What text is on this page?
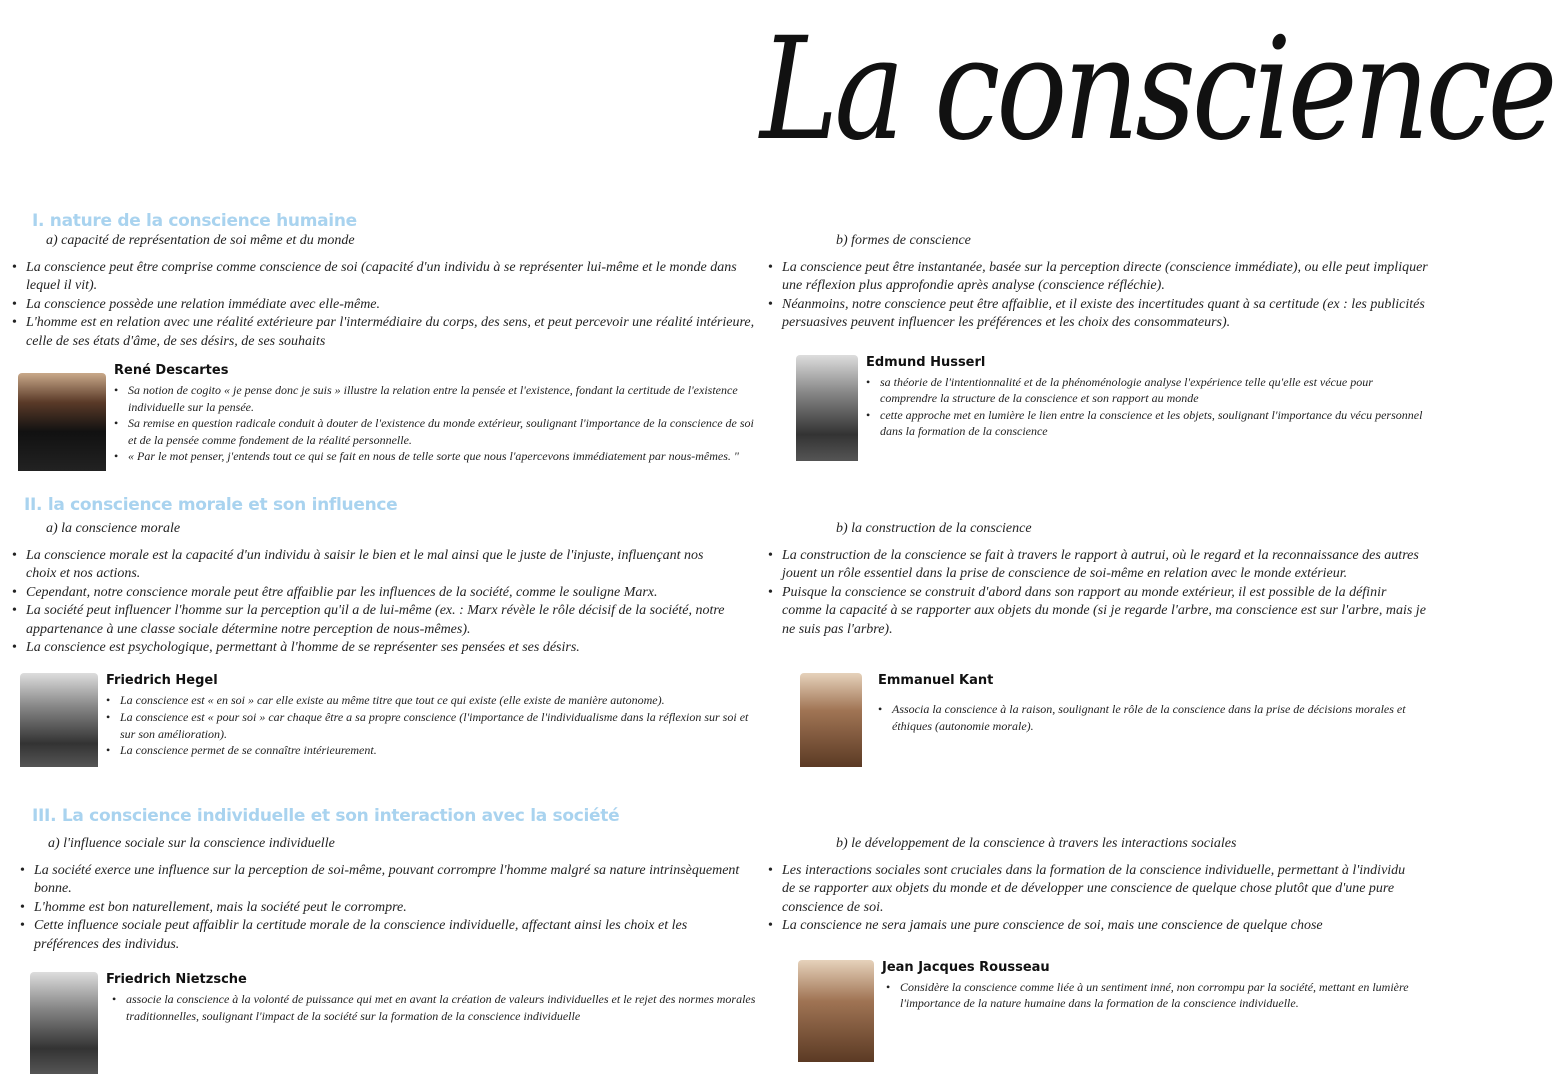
La conscience
I. nature de la conscience humaine
a) capacité de représentation de soi même et du monde
• La conscience peut être comprise comme conscience de soi (capacité d'un individu à se représenter lui-même et le monde dans lequel il vit).
• La conscience possède une relation immédiate avec elle-même.
• L'homme est en relation avec une réalité extérieure par l'intermédiaire du corps, des sens, et peut percevoir une réalité intérieure, celle de ses états d'âme, de ses désirs, de ses souhaits
René Descartes
• Sa notion de cogito « je pense donc je suis » illustre la relation entre la pensée et l'existence, fondant la certitude de l'existence individuelle sur la pensée.
• Sa remise en question radicale conduit à douter de l'existence du monde extérieur, soulignant l'importance de la conscience de soi et de la pensée comme fondement de la réalité personnelle.
• « Par le mot penser, j'entends tout ce qui se fait en nous de telle sorte que nous l'apercevons immédiatement par nous-mêmes. "
b) formes de conscience
• La conscience peut être instantanée, basée sur la perception directe (conscience immédiate), ou elle peut impliquer une réflexion plus approfondie après analyse (conscience réfléchie).
• Néanmoins, notre conscience peut être affaiblie, et il existe des incertitudes quant à sa certitude (ex : les publicités persuasives peuvent influencer les préférences et les choix des consommateurs).
Edmund Husserl
• sa théorie de l'intentionnalité et de la phénoménologie analyse l'expérience telle qu'elle est vécue pour comprendre la structure de la conscience et son rapport au monde
• cette approche met en lumière le lien entre la conscience et les objets, soulignant l'importance du vécu personnel dans la formation de la conscience
II. la conscience morale et son influence
a) la conscience morale
• La conscience morale est la capacité d'un individu à saisir le bien et le mal ainsi que le juste de l'injuste, influençant nos choix et nos actions.
• Cependant, notre conscience morale peut être affaiblie par les influences de la société, comme le souligne Marx.
• La société peut influencer l'homme sur la perception qu'il a de lui-même (ex. : Marx révèle le rôle décisif de la société, notre appartenance à une classe sociale détermine notre perception de nous-mêmes).
• La conscience est psychologique, permettant à l'homme de se représenter ses pensées et ses désirs.
Friedrich Hegel
• La conscience est « en soi » car elle existe au même titre que tout ce qui existe (elle existe de manière autonome).
• La conscience est « pour soi » car chaque être a sa propre conscience (l'importance de l'individualisme dans la réflexion sur soi et sur son amélioration).
• La conscience permet de se connaître intérieurement.
b) la construction de la conscience
• La construction de la conscience se fait à travers le rapport à autrui, où le regard et la reconnaissance des autres jouent un rôle essentiel dans la prise de conscience de soi-même en relation avec le monde extérieur.
• Puisque la conscience se construit d'abord dans son rapport au monde extérieur, il est possible de la définir comme la capacité à se rapporter aux objets du monde (si je regarde l'arbre, ma conscience est sur l'arbre, mais je ne suis pas l'arbre).
Emmanuel Kant
• Associa la conscience à la raison, soulignant le rôle de la conscience dans la prise de décisions morales et éthiques (autonomie morale).
III. La conscience individuelle et son interaction avec la société
a) l'influence sociale sur la conscience individuelle
• La société exerce une influence sur la perception de soi-même, pouvant corrompre l'homme malgré sa nature intrinsèquement bonne.
• L'homme est bon naturellement, mais la société peut le corrompre.
• Cette influence sociale peut affaiblir la certitude morale de la conscience individuelle, affectant ainsi les choix et les préférences des individus.
Friedrich Nietzsche
• associe la conscience à la volonté de puissance qui met en avant la création de valeurs individuelles et le rejet des normes morales traditionnelles, soulignant l'impact de la société sur la formation de la conscience individuelle
b) le développement de la conscience à travers les interactions sociales
• Les interactions sociales sont cruciales dans la formation de la conscience individuelle, permettant à l'individu de se rapporter aux objets du monde et de développer une conscience de quelque chose plutôt que d'une pure conscience de soi.
• La conscience ne sera jamais une pure conscience de soi, mais une conscience de quelque chose
Jean Jacques Rousseau
• Considère la conscience comme liée à un sentiment inné, non corrompu par la société, mettant en lumière l'importance de la nature humaine dans la formation de la conscience individuelle.
